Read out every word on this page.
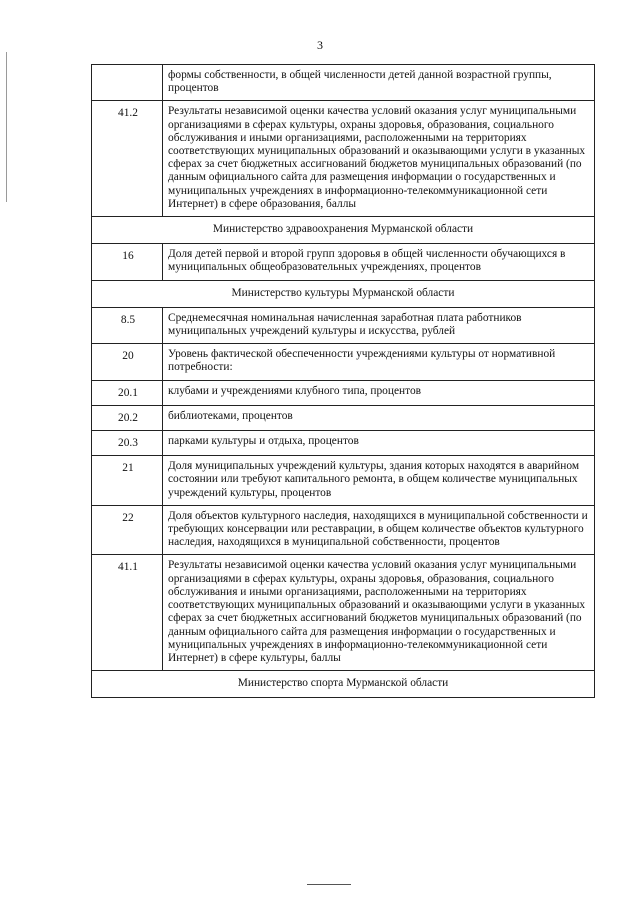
3
	формы собственности, в общей численности детей данной возрастной группы, процентов
41.2	Результаты независимой оценки качества условий оказания услуг муниципальными организациями в сферах культуры, охраны здоровья, образования, социального обслуживания и иными организациями, расположенными на территориях соответствующих муниципальных образований и оказывающими услуги в указанных сферах за счет бюджетных ассигнований бюджетов муниципальных образований (по данным официального сайта для размещения информации о государственных и муниципальных учреждениях в информационно-телекоммуникационной сети Интернет) в сфере образования, баллы
Министерство здравоохранения Мурманской области	
16	Доля детей первой и второй групп здоровья в общей численности обучающихся в муниципальных общеобразовательных учреждениях, процентов
Министерство культуры Мурманской области	
8.5	Среднемесячная номинальная начисленная заработная плата работников муниципальных учреждений культуры и искусства, рублей
20	Уровень фактической обеспеченности учреждениями культуры от нормативной потребности:
20.1	клубами и учреждениями клубного типа, процентов
20.2	библиотеками, процентов
20.3	парками культуры и отдыха, процентов
21	Доля муниципальных учреждений культуры, здания которых находятся в аварийном состоянии или требуют капитального ремонта, в общем количестве муниципальных учреждений культуры, процентов
22	Доля объектов культурного наследия, находящихся в муниципальной собственности и требующих консервации или реставрации, в общем количестве объектов культурного наследия, находящихся в муниципальной собственности, процентов
41.1	Результаты независимой оценки качества условий оказания услуг муниципальными организациями в сферах культуры, охраны здоровья, образования, социального обслуживания и иными организациями, расположенными на территориях соответствующих муниципальных образований и оказывающими услуги в указанных сферах за счет бюджетных ассигнований бюджетов муниципальных образований (по данным официального сайта для размещения информации о государственных и муниципальных учреждениях в информационно-телекоммуникационной сети Интернет) в сфере культуры, баллы
Министерство спорта Мурманской области	
